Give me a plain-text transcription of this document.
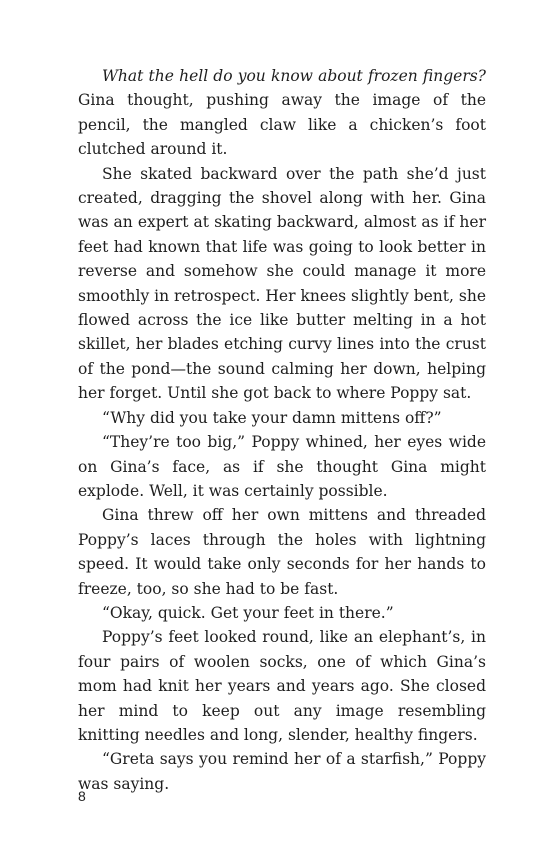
What the hell do you know about frozen fingers? Gina thought, pushing away the image of the pencil, the mangled claw like a chicken’s foot clutched around it.

She skated backward over the path she’d just created, dragging the shovel along with her. Gina was an expert at skating backward, almost as if her feet had known that life was going to look better in reverse and somehow she could manage it more smoothly in retrospect. Her knees slightly bent, she flowed across the ice like butter melting in a hot skillet, her blades etching curvy lines into the crust of the pond—the sound calming her down, helping her forget. Until she got back to where Poppy sat.

“Why did you take your damn mittens off?”

“They’re too big,” Poppy whined, her eyes wide on Gina’s face, as if she thought Gina might explode. Well, it was certainly possible.

Gina threw off her own mittens and threaded Poppy’s laces through the holes with lightning speed. It would take only seconds for her hands to freeze, too, so she had to be fast.

“Okay, quick. Get your feet in there.”

Poppy’s feet looked round, like an elephant’s, in four pairs of woolen socks, one of which Gina’s mom had knit her years and years ago. She closed her mind to keep out any image resembling knitting needles and long, slender, healthy fingers.

“Greta says you remind her of a starfish,” Poppy was saying.

8
